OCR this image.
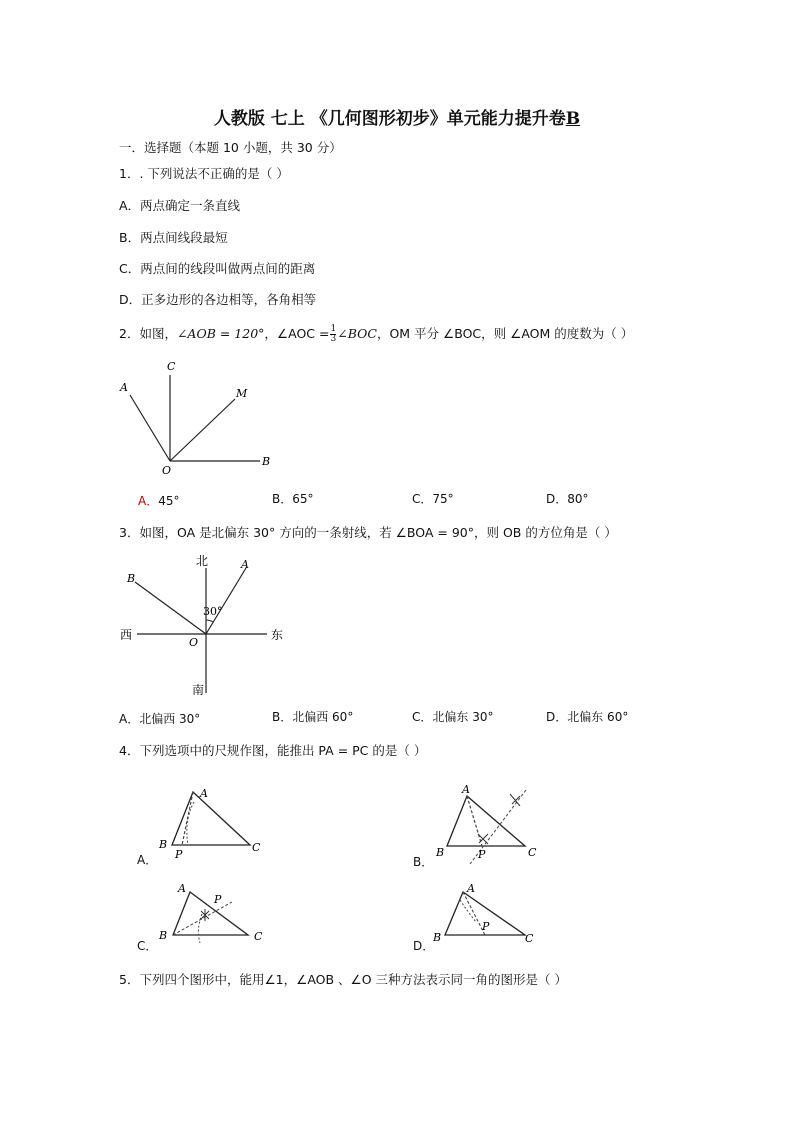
人教版 七上 《几何图形初步》单元能力提升卷B
一．选择题（本题 10 小题，共 30 分）
1．. 下列说法不正确的是（ ）
A．两点确定一条直线
B．两点间线段最短
C．两点间的线段叫做两点间的距离
D．正多边形的各边相等，各角相等
2．如图，∠AOB = 120°，∠AOC = $\frac{1}{3}$ ∠BOC，OM 平分 ∠BOC，则 ∠AOM 的度数为（ ）
A
C
M
O
B
A．45°	B．65°	C．75°	D．80°
3．如图，OA 是北偏东 30° 方向的一条射线，若 ∠BOA = 90°，则 OB 的方位角是（ ）
北
南
西	东
A
B
O
30°
A．北偏西 30°	B．北偏西 60°	C．北偏东 30°	D．北偏东 60°
4．下列选项中的尺规作图，能推出 PA = PC 的是（ ）
A
B	C
P
A．
A
B	C
P
B．
A
B	C
P
C．
A
B	C
P
D．
5．下列四个图形中，能用∠1，∠AOB 、∠O 三种方法表示同一角的图形是（ ）
